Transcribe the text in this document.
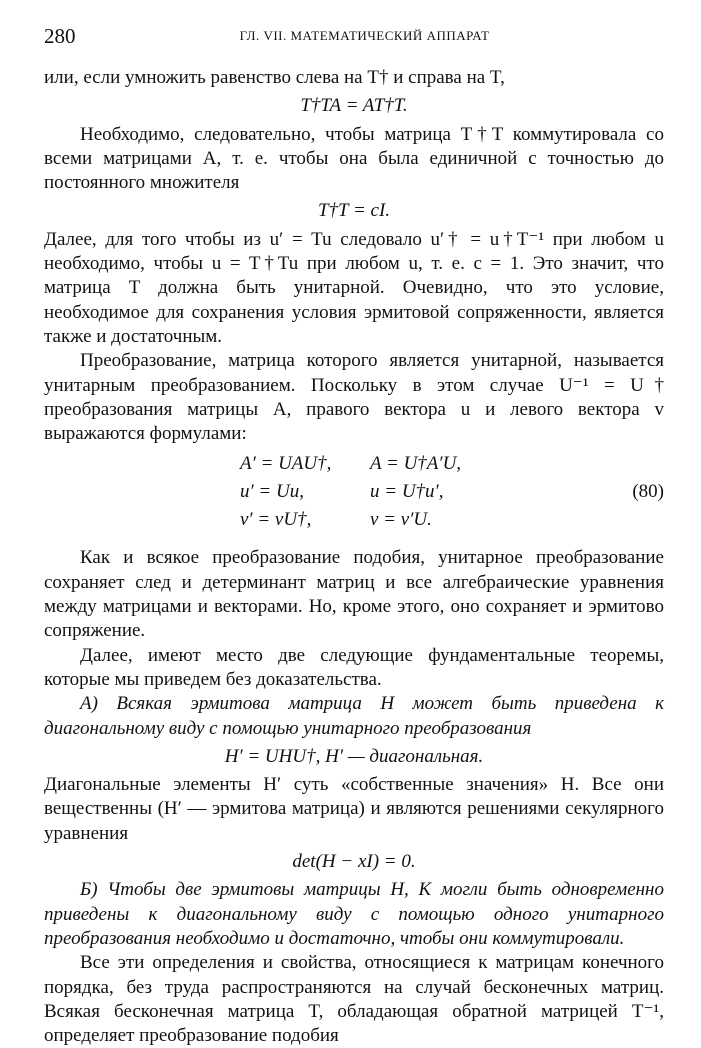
280	ГЛ. VII. МАТЕМАТИЧЕСКИЙ АППАРАТ

или, если умножить равенство слева на T† и справа на T,

T†TA = AT†T.

Необходимо, следовательно, чтобы матрица T†T коммутировала со всеми матрицами A, т. е. чтобы она была единичной с точностью до постоянного множителя

T†T = cI.

Далее, для того чтобы из u′ = Tu следовало u′† = u†T⁻¹ при любом u необходимо, чтобы u = T†Tu при любом u, т. е. c = 1. Это значит, что матрица T должна быть унитарной. Очевидно, что это условие, необходимое для сохранения условия эрмитовой сопряженности, является также и достаточным.

Преобразование, матрица которого является унитарной, называется унитарным преобразованием. Поскольку в этом случае U⁻¹ = U† преобразования матрицы A, правого вектора u и левого вектора v выражаются формулами:

A′ = UAU†, A = U†A′U,
u′ = Uu,	u = U†u′,	(80)
v′ = vU†,	v = v′U.

Как и всякое преобразование подобия, унитарное преобразование сохраняет след и детерминант матриц и все алгебраические уравнения между матрицами и векторами. Но, кроме этого, оно сохраняет и эрмитово сопряжение.

Далее, имеют место две следующие фундаментальные теоремы, которые мы приведем без доказательства.

А) Всякая эрмитова матрица H может быть приведена к диагональному виду с помощью унитарного преобразования

H′ = UHU†, H′ — диагональная.

Диагональные элементы H′ суть «собственные значения» H. Все они вещественны (H′ — эрмитова матрица) и являются решениями секулярного уравнения

det(H − xI) = 0.

Б) Чтобы две эрмитовы матрицы H, K могли быть одновременно приведены к диагональному виду с помощью одного унитарного преобразования необходимо и достаточно, чтобы они коммутировали.

Все эти определения и свойства, относящиеся к матрицам конечного порядка, без труда распространяются на случай бесконечных матриц. Всякая бесконечная матрица T, обладающая обратной матрицей T⁻¹, определяет преобразование подобия
